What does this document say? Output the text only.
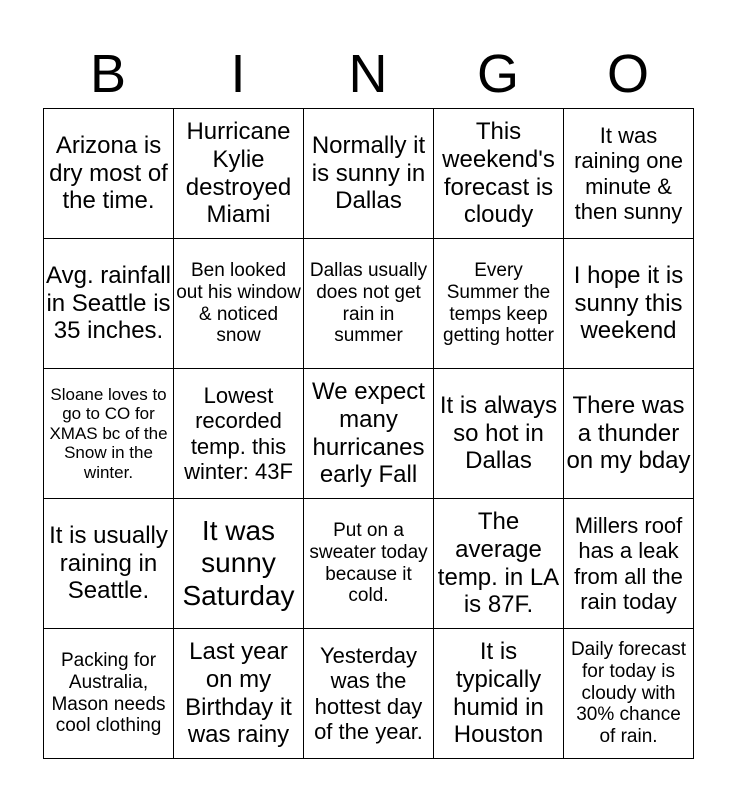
B	I	N	G	O
Arizona is dry most of the time.	Hurricane Kylie destroyed Miami	Normally it is sunny in Dallas	This weekend's forecast is cloudy	It was raining one minute & then sunny
Avg. rainfall in Seattle is 35 inches.	Ben looked out his window & noticed snow	Dallas usually does not get rain in summer	Every Summer the temps keep getting hotter	I hope it is sunny this weekend
Sloane loves to go to CO for XMAS bc of the Snow in the winter.	Lowest recorded temp. this winter: 43F	We expect many hurricanes early Fall	It is always so hot in Dallas	There was a thunder on my bday
It is usually raining in Seattle.	It was sunny Saturday	Put on a sweater today because it cold.	The average temp. in LA is 87F.	Millers roof has a leak from all the rain today
Packing for Australia, Mason needs cool clothing	Last year on my Birthday it was rainy	Yesterday was the hottest day of the year.	It is typically humid in Houston	Daily forecast for today is cloudy with 30% chance of rain.
